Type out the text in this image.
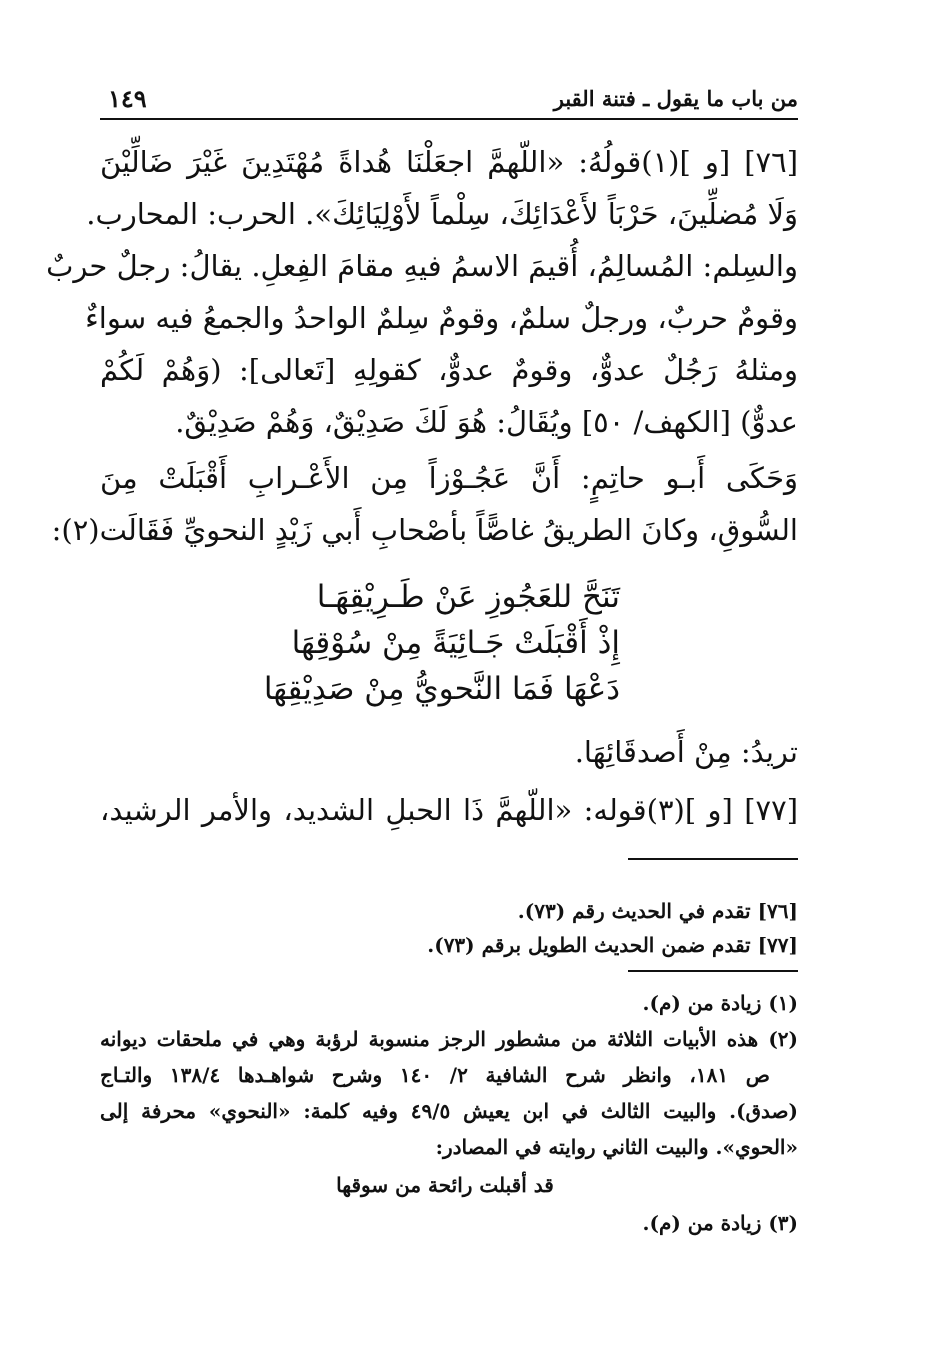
من باب ما يقول ـ فتنة القبر
١٤٩
[٧٦] [و ](١)قولُهُ: «اللّهمَّ اجعَلْنَا هُداةً مُهْتَدِينَ غَيْرَ ضَالِّيْنَ
وَلَا مُضلِّينَ، حَرْبَاً لأَعْدَائِكَ، سِلْماً لأَوْلِيَائِكَ». الحرب: المحارب.
والسِلم: المُسالِمُ، أُقيمَ الاسمُ فيهِ مقامَ الفِعلِ. يقالُ: رجلٌ حربٌ
وقومٌ حربٌ، ورجلٌ سلمٌ، وقومٌ سِلمٌ الواحدُ والجمعُ فيه سواءٌ
ومثلهُ رَجُلٌ عدوٌّ، وقومٌ عدوٌّ، كقولِهِ [تَعالى]: (وَهُمْ لَكُمْ
عدوٌّ) [الكهف/ ٥٠] ويُقَالُ: هُوَ لَكَ صَدِيْقٌ، وَهُمْ صَدِيْقٌ.
وَحَكَى أَبـو حاتِمٍ: أَنَّ عَجُـوْزاً مِن الأَعْـرابِ أَقْبَلَتْ مِنَ
السُّوقِ، وكانَ الطريقُ غاصًّاً بأصْحابِ أَبي زَيْدٍ النحويِّ فَقَالَت(٢):
تَنَحَّ للعَجُوزِ عَنْ طَـرِيْقِهَـا
إِذْ أَقْبَلَتْ جَـائِيَةً مِنْ سُوْقِهَا
دَعْهَا فَمَا النَّحويُّ مِنْ صَدِيْقِهَا
تريدُ: مِنْ أَصدقَائِهَا.
[٧٧] [و ](٣)قوله: «اللّهمَّ ذَا الحبلِ الشديد، والأمر الرشيد،
[٧٦] تقدم في الحديث رقم (٧٣).
[٧٧] تقدم ضمن الحديث الطويل برقم (٧٣).
(١) زيادة من (م).
(٢) هذه الأبيات الثلاثة من مشطور الرجز منسوبة لرؤبة وهي في ملحقات ديوانه
ص ١٨١، وانظر شرح الشافية ٢/ ١٤٠ وشرح شواهـدها ١٣٨/٤ والتـاج
(صدق). والبيت الثالث في ابن يعيش ٤٩/٥ وفيه كلمة: «النحوي» محرفة إلى
«الحوي». والبيت الثاني روايته في المصادر:
قد أقبلت رائحة من سوقها
(٣) زيادة من (م).
